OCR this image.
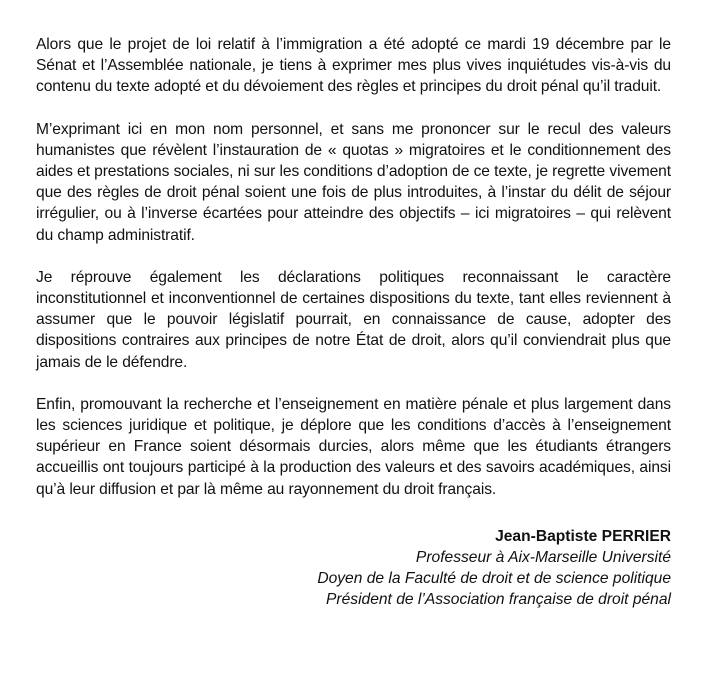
Alors que le projet de loi relatif à l’immigration a été adopté ce mardi 19 décembre par le Sénat et l’Assemblée nationale, je tiens à exprimer mes plus vives inquiétudes vis-à-vis du contenu du texte adopté et du dévoiement des règles et principes du droit pénal qu’il traduit.

M’exprimant ici en mon nom personnel, et sans me prononcer sur le recul des valeurs humanistes que révèlent l’instauration de « quotas » migratoires et le conditionnement des aides et prestations sociales, ni sur les conditions d’adoption de ce texte, je regrette vivement que des règles de droit pénal soient une fois de plus introduites, à l’instar du délit de séjour irrégulier, ou à l’inverse écartées pour atteindre des objectifs – ici migratoires – qui relèvent du champ administratif.

Je réprouve également les déclarations politiques reconnaissant le caractère inconstitutionnel et inconventionnel de certaines dispositions du texte, tant elles reviennent à assumer que le pouvoir législatif pourrait, en connaissance de cause, adopter des dispositions contraires aux principes de notre État de droit, alors qu’il conviendrait plus que jamais de le défendre.

Enfin, promouvant la recherche et l’enseignement en matière pénale et plus largement dans les sciences juridique et politique, je déplore que les conditions d’accès à l’enseignement supérieur en France soient désormais durcies, alors même que les étudiants étrangers accueillis ont toujours participé à la production des valeurs et des savoirs académiques, ainsi qu’à leur diffusion et par là même au rayonnement du droit français.

Jean-Baptiste PERRIER
Professeur à Aix-Marseille Université
Doyen de la Faculté de droit et de science politique
Président de l’Association française de droit pénal
